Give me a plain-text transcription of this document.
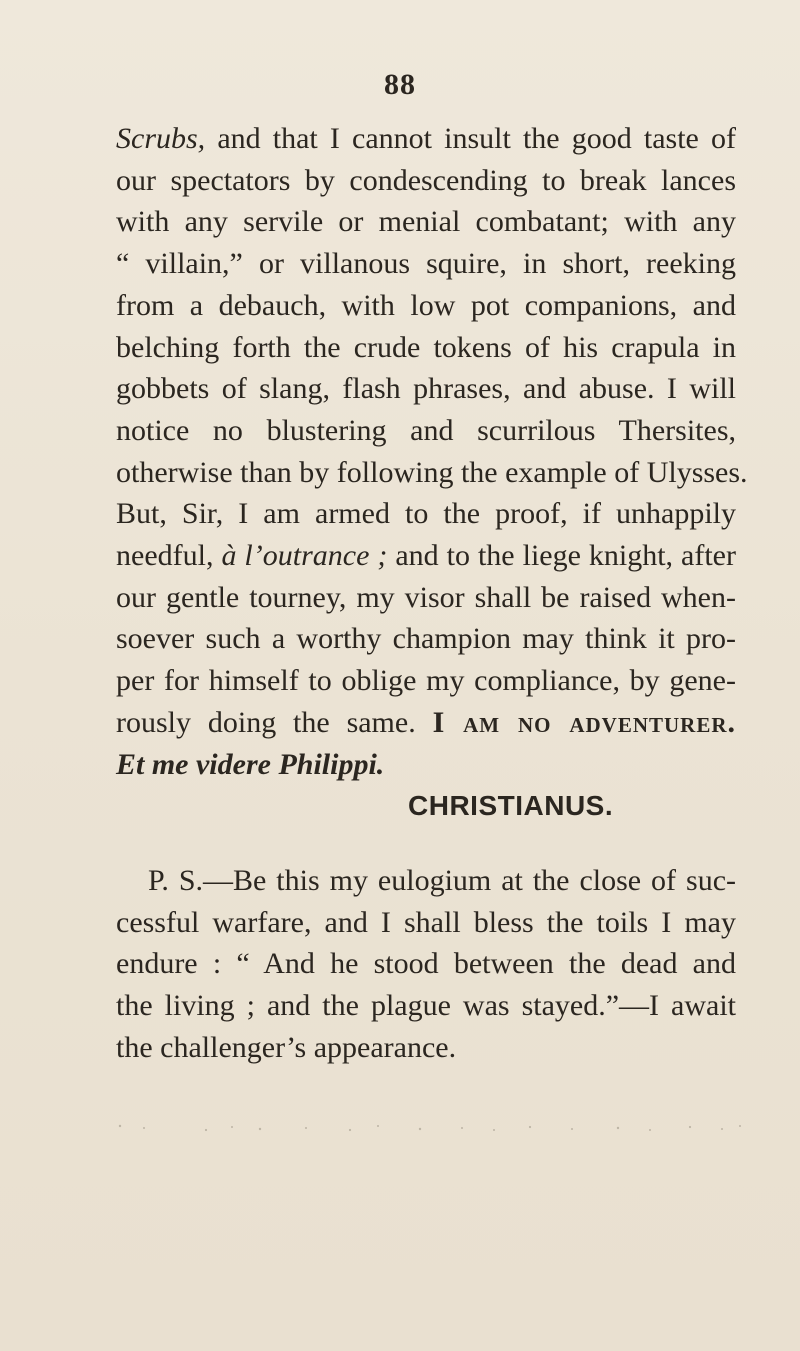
88
Scrubs, and that I cannot insult the good taste of
our spectators by condescending to break lances
with any servile or menial combatant; with any
“ villain,” or villanous squire, in short, reeking
from a debauch, with low pot companions, and
belching forth the crude tokens of his crapula in
gobbets of slang, flash phrases, and abuse. I will
notice no blustering and scurrilous Thersites,
otherwise than by following the example of Ulysses.
But, Sir, I am armed to the proof, if unhappily
needful, à l’outrance ; and to the liege knight, after
our gentle tourney, my visor shall be raised when-
soever such a worthy champion may think it pro-
per for himself to oblige my compliance, by gene-
rously doing the same. I am no adventurer.
Et me videre Philippi.
CHRISTIANUS.
P. S.—Be this my eulogium at the close of suc-
cessful warfare, and I shall bless the toils I may
endure : “ And he stood between the dead and
the living ; and the plague was stayed.”—I await
the challenger’s appearance.
